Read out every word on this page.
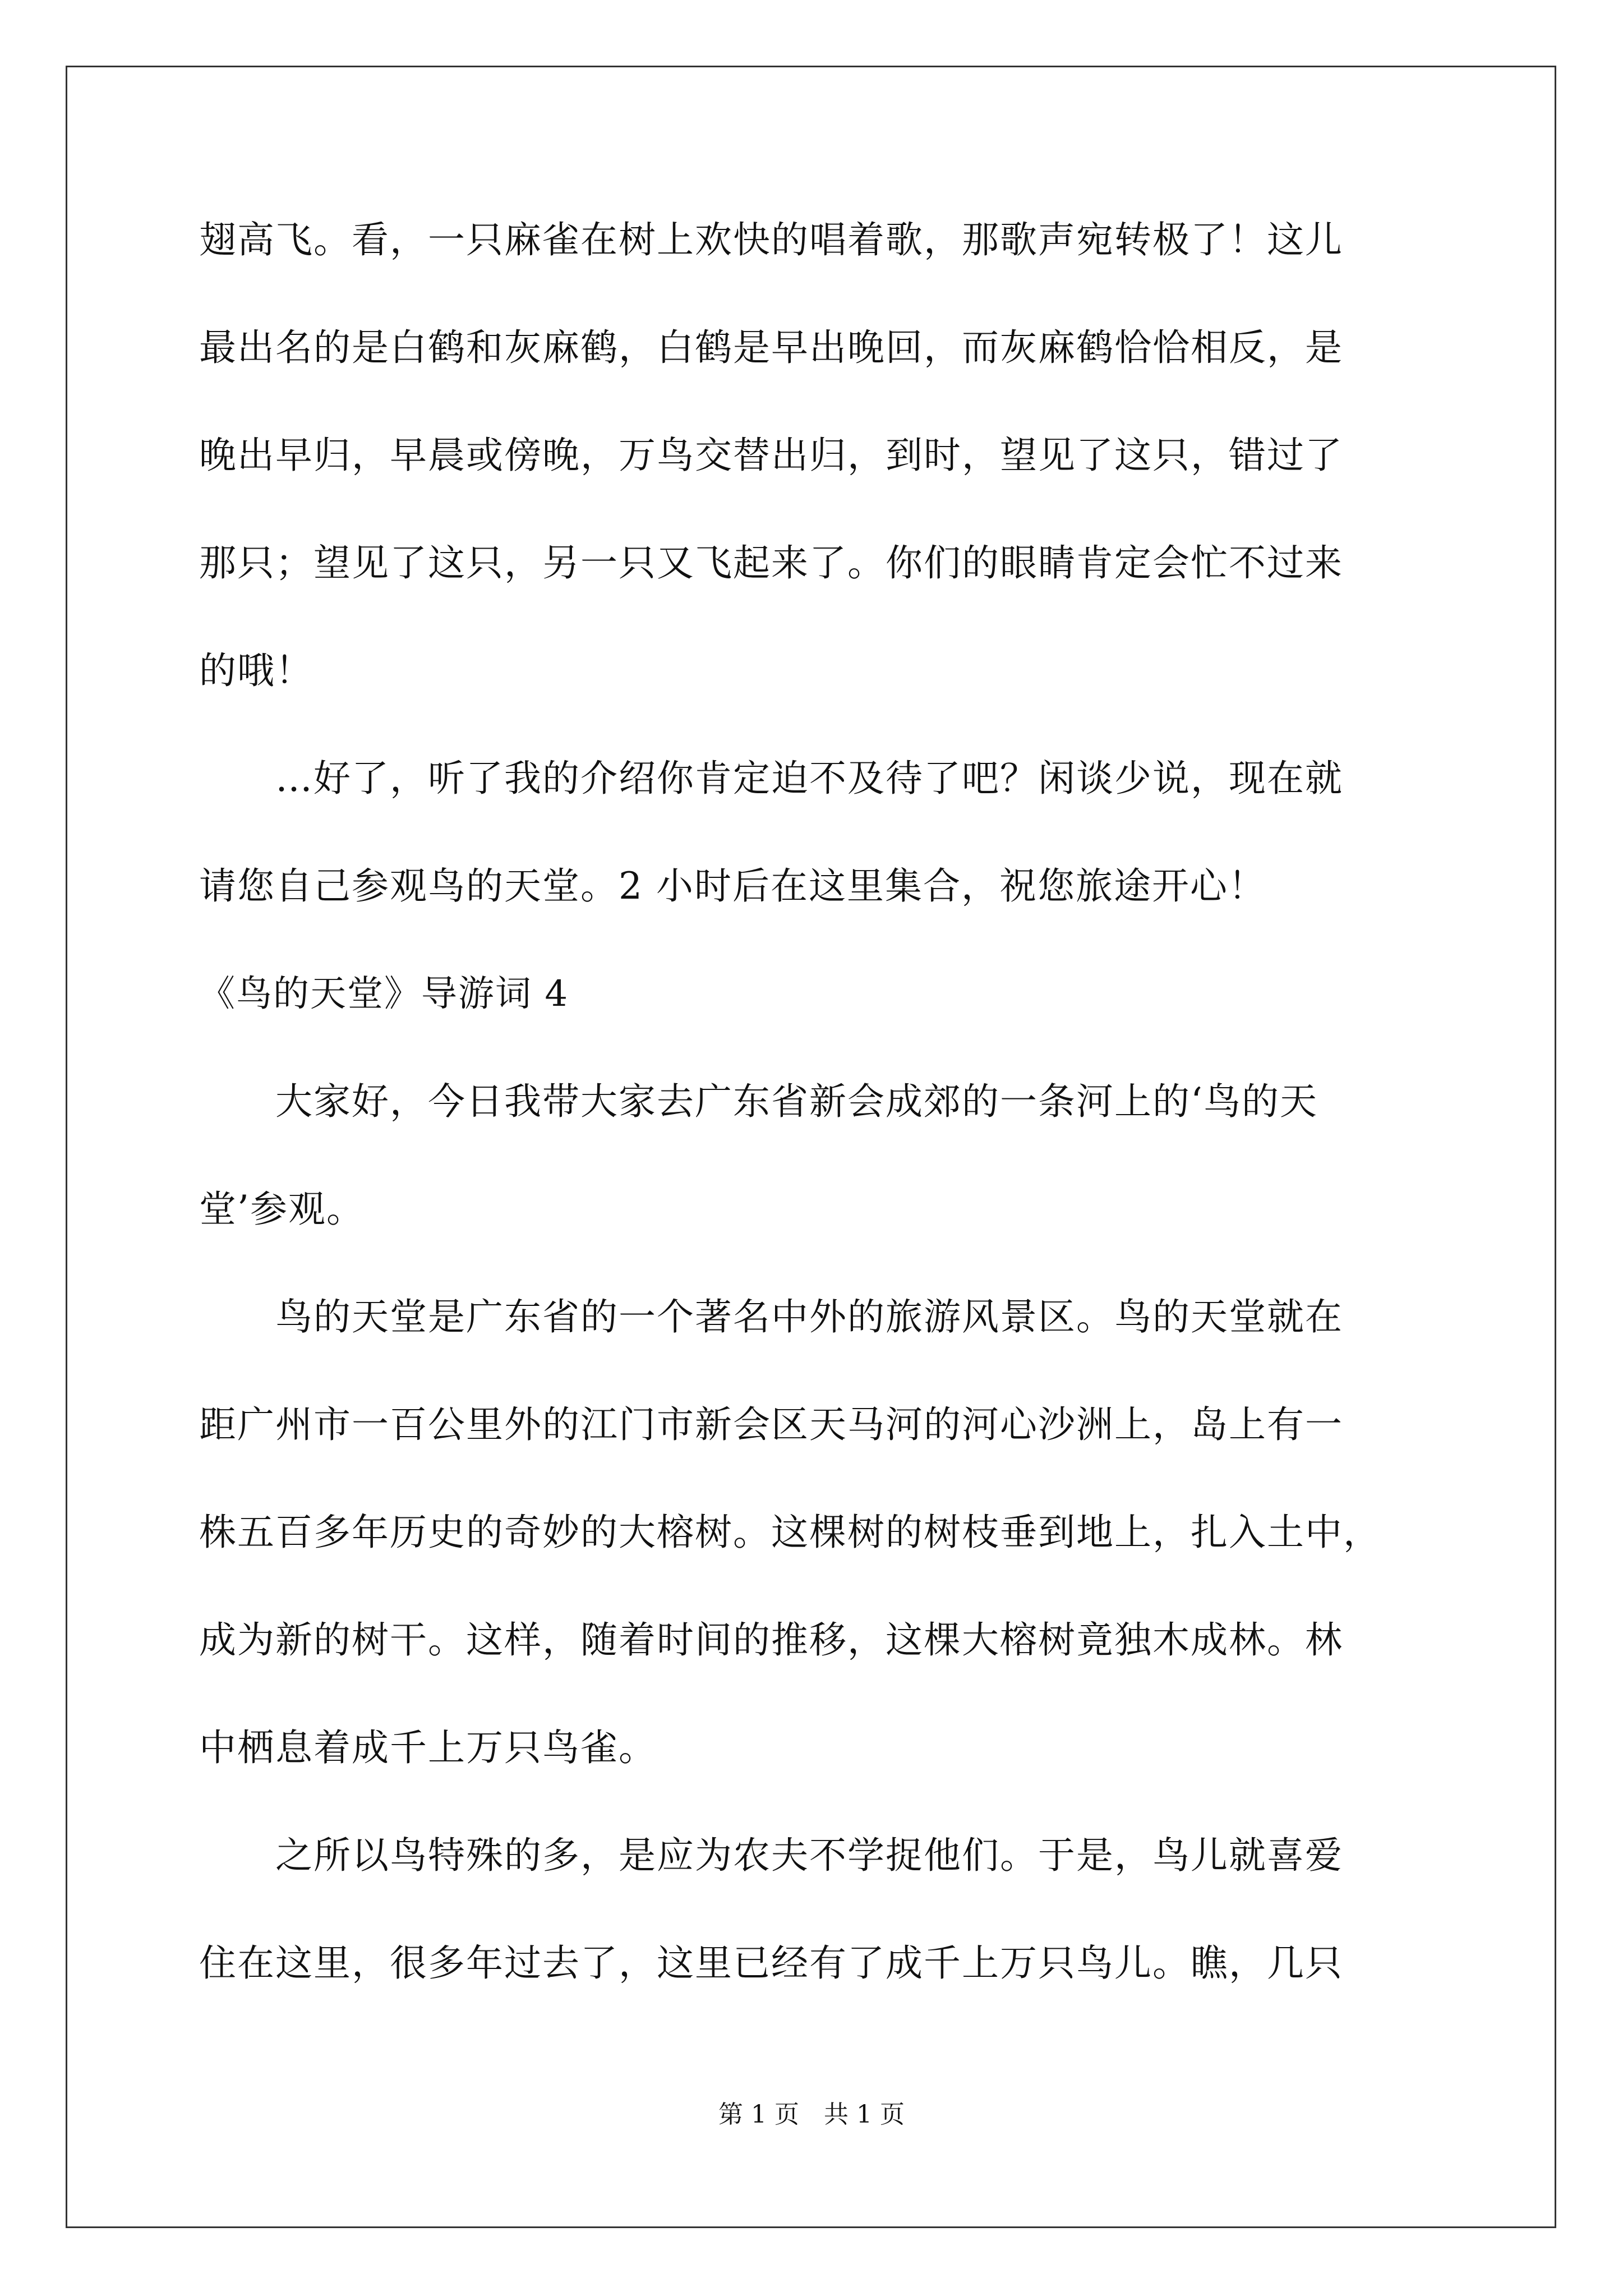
翅高飞。看，一只麻雀在树上欢快的唱着歌，那歌声宛转极了！这儿
最出名的是白鹤和灰麻鹤，白鹤是早出晚回，而灰麻鹤恰恰相反，是
晚出早归，早晨或傍晚，万鸟交替出归，到时，望见了这只，错过了
那只；望见了这只，另一只又飞起来了。你们的眼睛肯定会忙不过来
的哦！
　　…好了，听了我的介绍你肯定迫不及待了吧？闲谈少说，现在就
请您自己参观鸟的天堂。2 小时后在这里集合，祝您旅途开心！
《鸟的天堂》导游词 4
　　大家好，今日我带大家去广东省新会成郊的一条河上的‘鸟的天
堂’参观。
　　鸟的天堂是广东省的一个著名中外的旅游风景区。鸟的天堂就在
距广州市一百公里外的江门市新会区天马河的河心沙洲上，岛上有一
株五百多年历史的奇妙的大榕树。这棵树的树枝垂到地上，扎入土中，
成为新的树干。这样，随着时间的推移，这棵大榕树竟独木成林。林
中栖息着成千上万只鸟雀。
　　之所以鸟特殊的多，是应为农夫不学捉他们。于是，鸟儿就喜爱
住在这里，很多年过去了，这里已经有了成千上万只鸟儿。瞧，几只
第 1 页　共 1 页
